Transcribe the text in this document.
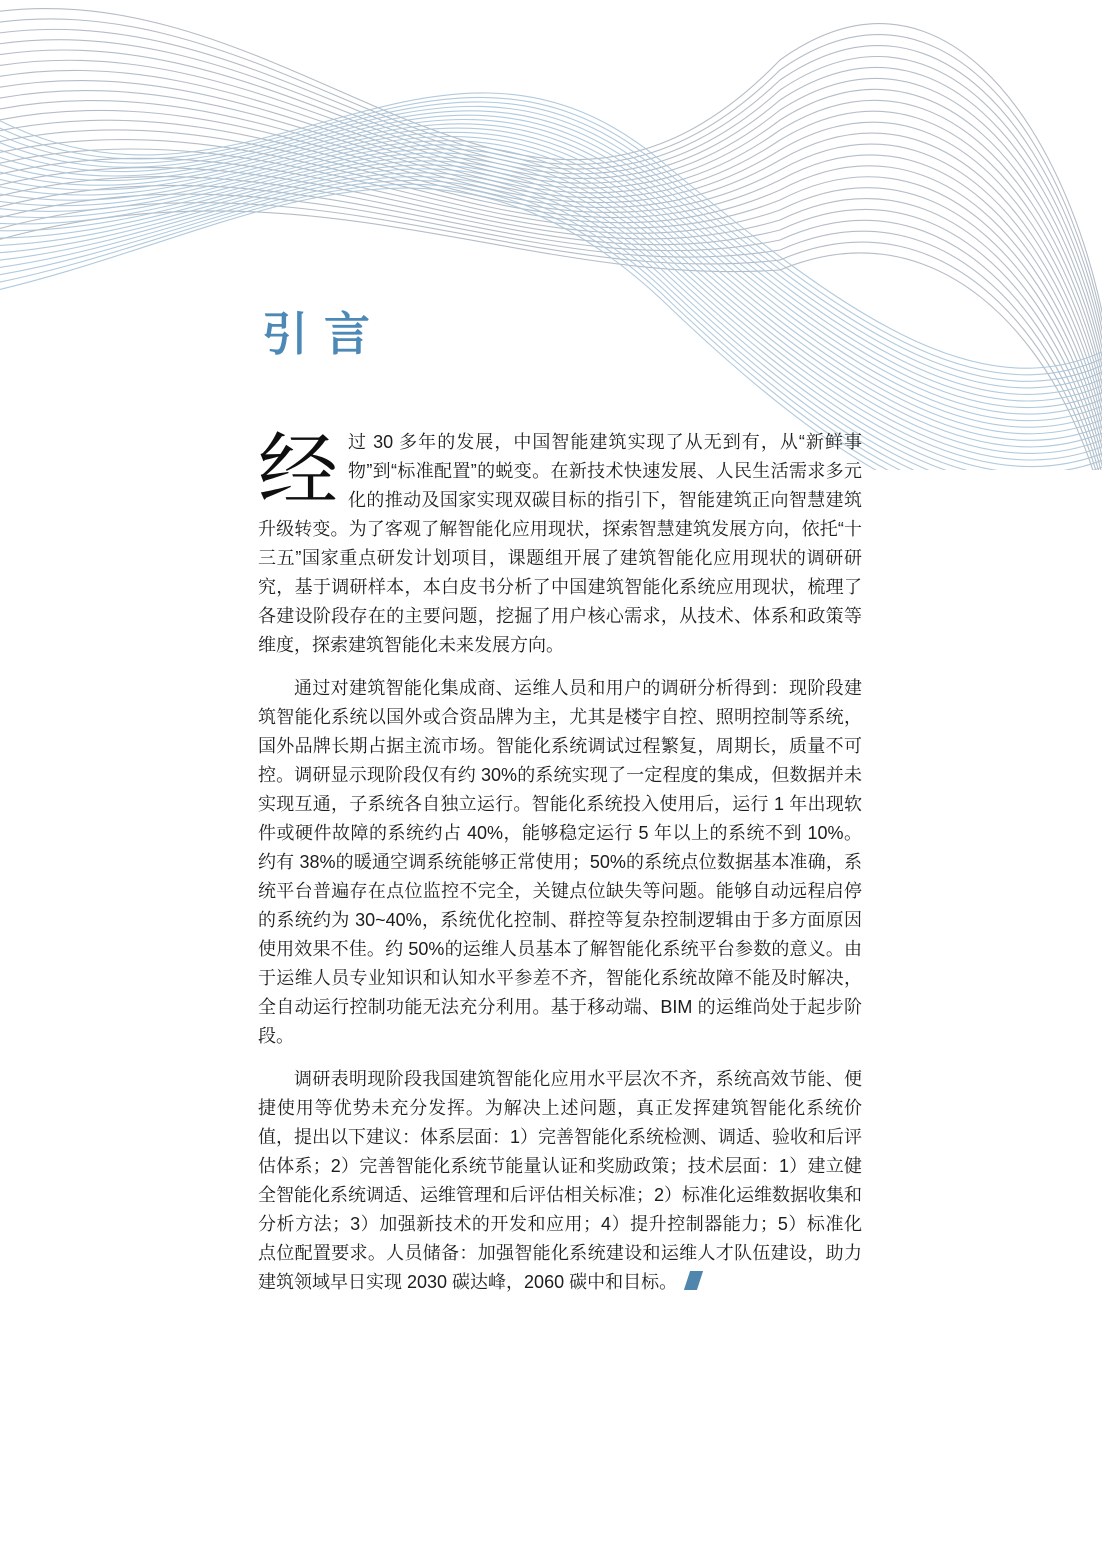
引言

经过 30 多年的发展，中国智能建筑实现了从无到有，从“新鲜事物”到“标准配置”的蜕变。在新技术快速发展、人民生活需求多元化的推动及国家实现双碳目标的指引下，智能建筑正向智慧建筑升级转变。为了客观了解智能化应用现状，探索智慧建筑发展方向，依托“十三五”国家重点研发计划项目，课题组开展了建筑智能化应用现状的调研研究，基于调研样本，本白皮书分析了中国建筑智能化系统应用现状，梳理了各建设阶段存在的主要问题，挖掘了用户核心需求，从技术、体系和政策等维度，探索建筑智能化未来发展方向。

通过对建筑智能化集成商、运维人员和用户的调研分析得到：现阶段建筑智能化系统以国外或合资品牌为主，尤其是楼宇自控、照明控制等系统，国外品牌长期占据主流市场。智能化系统调试过程繁复，周期长，质量不可控。调研显示现阶段仅有约 30%的系统实现了一定程度的集成，但数据并未实现互通，子系统各自独立运行。智能化系统投入使用后，运行 1 年出现软件或硬件故障的系统约占 40%，能够稳定运行 5 年以上的系统不到 10%。约有 38%的暖通空调系统能够正常使用；50%的系统点位数据基本准确，系统平台普遍存在点位监控不完全，关键点位缺失等问题。能够自动远程启停的系统约为 30~40%，系统优化控制、群控等复杂控制逻辑由于多方面原因使用效果不佳。约 50%的运维人员基本了解智能化系统平台参数的意义。由于运维人员专业知识和认知水平参差不齐，智能化系统故障不能及时解决，全自动运行控制功能无法充分利用。基于移动端、BIM 的运维尚处于起步阶段。

调研表明现阶段我国建筑智能化应用水平层次不齐，系统高效节能、便捷使用等优势未充分发挥。为解决上述问题，真正发挥建筑智能化系统价值，提出以下建议：体系层面：1）完善智能化系统检测、调适、验收和后评估体系；2）完善智能化系统节能量认证和奖励政策；技术层面：1）建立健全智能化系统调适、运维管理和后评估相关标准；2）标准化运维数据收集和分析方法；3）加强新技术的开发和应用；4）提升控制器能力；5）标准化点位配置要求。人员储备：加强智能化系统建设和运维人才队伍建设，助力建筑领域早日实现 2030 碳达峰，2060 碳中和目标。
